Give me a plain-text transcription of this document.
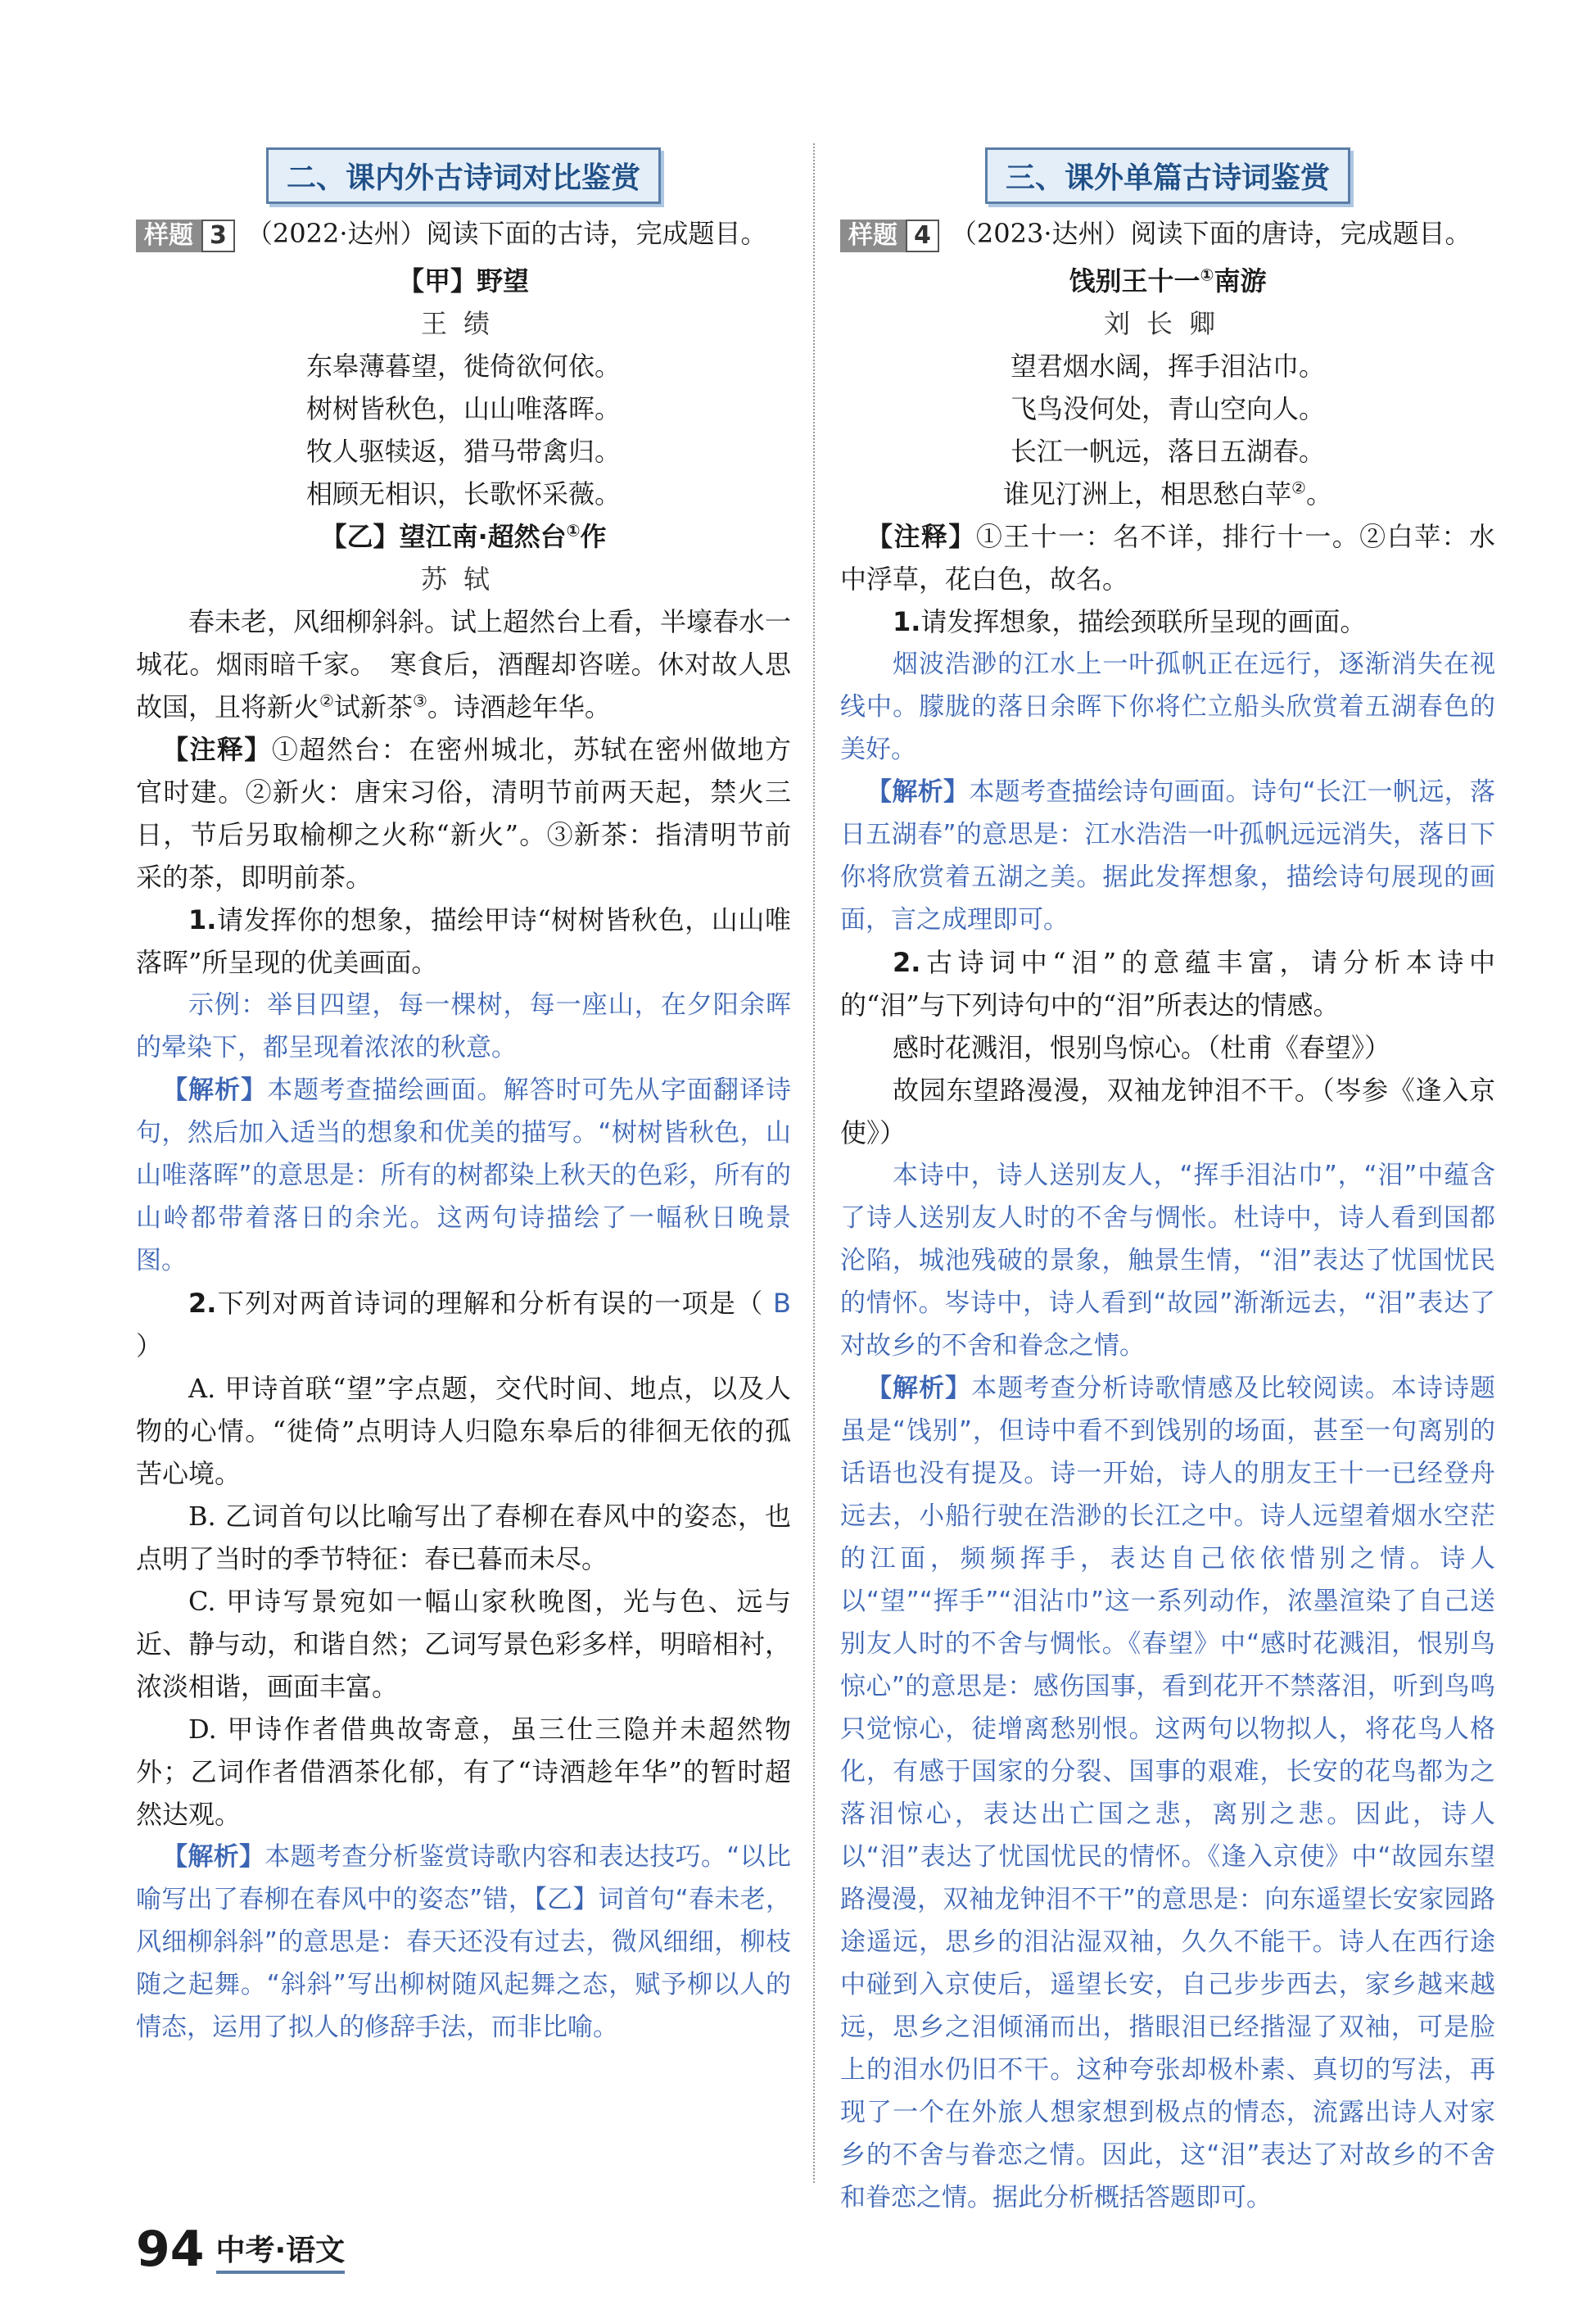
二、课内外古诗词对比鉴赏

样题 3 （2022·达州）阅读下面的古诗，完成题目。

【甲】野望
王绩
东皋薄暮望，徙倚欲何依。
树树皆秋色，山山唯落晖。
牧人驱犊返，猎马带禽归。
相顾无相识，长歌怀采薇。
【乙】望江南·超然台①作
苏轼

春未老，风细柳斜斜。试上超然台上看，半壕春水一城花。烟雨暗千家。　寒食后，酒醒却咨嗟。休对故人思故国，且将新火②试新茶③。诗酒趁年华。

【注释】①超然台：在密州城北，苏轼在密州做地方官时建。②新火：唐宋习俗，清明节前两天起，禁火三日，节后另取榆柳之火称“新火”。③新茶：指清明节前采的茶，即明前茶。

1.请发挥你的想象，描绘甲诗“树树皆秋色，山山唯落晖”所呈现的优美画面。

示例：举目四望，每一棵树，每一座山，在夕阳余晖的晕染下，都呈现着浓浓的秋意。

【解析】本题考查描绘画面。解答时可先从字面翻译诗句，然后加入适当的想象和优美的描写。“树树皆秋色，山山唯落晖”的意思是：所有的树都染上秋天的色彩，所有的山岭都带着落日的余光。这两句诗描绘了一幅秋日晚景图。

2.下列对两首诗词的理解和分析有误的一项是（ B ）

A. 甲诗首联“望”字点题，交代时间、地点，以及人物的心情。“徙倚”点明诗人归隐东皋后的徘徊无依的孤苦心境。

B. 乙词首句以比喻写出了春柳在春风中的姿态，也点明了当时的季节特征：春已暮而未尽。

C. 甲诗写景宛如一幅山家秋晚图，光与色、远与近、静与动，和谐自然；乙词写景色彩多样，明暗相衬，浓淡相谐，画面丰富。

D. 甲诗作者借典故寄意，虽三仕三隐并未超然物外；乙词作者借酒茶化郁，有了“诗酒趁年华”的暂时超然达观。

【解析】本题考查分析鉴赏诗歌内容和表达技巧。“以比喻写出了春柳在春风中的姿态”错，【乙】词首句“春未老，风细柳斜斜”的意思是：春天还没有过去，微风细细，柳枝随之起舞。“斜斜”写出柳树随风起舞之态，赋予柳以人的情态，运用了拟人的修辞手法，而非比喻。

三、课外单篇古诗词鉴赏

样题 4 （2023·达州）阅读下面的唐诗，完成题目。

饯别王十一①南游
刘长卿
望君烟水阔，挥手泪沾巾。
飞鸟没何处，青山空向人。
长江一帆远，落日五湖春。
谁见汀洲上，相思愁白苹②。

【注释】①王十一：名不详，排行十一。②白苹：水中浮草，花白色，故名。

1.请发挥想象，描绘颈联所呈现的画面。

烟波浩渺的江水上一叶孤帆正在远行，逐渐消失在视线中。朦胧的落日余晖下你将伫立船头欣赏着五湖春色的美好。

【解析】本题考查描绘诗句画面。诗句“长江一帆远，落日五湖春”的意思是：江水浩浩一叶孤帆远远消失，落日下你将欣赏着五湖之美。据此发挥想象，描绘诗句展现的画面，言之成理即可。

2.古诗词中“泪”的意蕴丰富，请分析本诗中的“泪”与下列诗句中的“泪”所表达的情感。

感时花溅泪，恨别鸟惊心。（杜甫《春望》）

故园东望路漫漫，双袖龙钟泪不干。（岑参《逢入京使》）

本诗中，诗人送别友人，“挥手泪沾巾”，“泪”中蕴含了诗人送别友人时的不舍与惆怅。杜诗中，诗人看到国都沦陷，城池残破的景象，触景生情，“泪”表达了忧国忧民的情怀。岑诗中，诗人看到“故园”渐渐远去，“泪”表达了对故乡的不舍和眷念之情。

【解析】本题考查分析诗歌情感及比较阅读。本诗诗题虽是“饯别”，但诗中看不到饯别的场面，甚至一句离别的话语也没有提及。诗一开始，诗人的朋友王十一已经登舟远去，小船行驶在浩渺的长江之中。诗人远望着烟水空茫的江面，频频挥手，表达自己依依惜别之情。诗人以“望”“挥手”“泪沾巾”这一系列动作，浓墨渲染了自己送别友人时的不舍与惆怅。《春望》中“感时花溅泪，恨别鸟惊心”的意思是：感伤国事，看到花开不禁落泪，听到鸟鸣只觉惊心，徒增离愁别恨。这两句以物拟人，将花鸟人格化，有感于国家的分裂、国事的艰难，长安的花鸟都为之落泪惊心，表达出亡国之悲，离别之悲。因此，诗人以“泪”表达了忧国忧民的情怀。《逢入京使》中“故园东望路漫漫，双袖龙钟泪不干”的意思是：向东遥望长安家园路途遥远，思乡的泪沾湿双袖，久久不能干。诗人在西行途中碰到入京使后，遥望长安，自己步步西去，家乡越来越远，思乡之泪倾涌而出，揩眼泪已经揩湿了双袖，可是脸上的泪水仍旧不干。这种夸张却极朴素、真切的写法，再现了一个在外旅人想家想到极点的情态，流露出诗人对家乡的不舍与眷恋之情。因此，这“泪”表达了对故乡的不舍和眷恋之情。据此分析概括答题即可。

94 中考·语文
